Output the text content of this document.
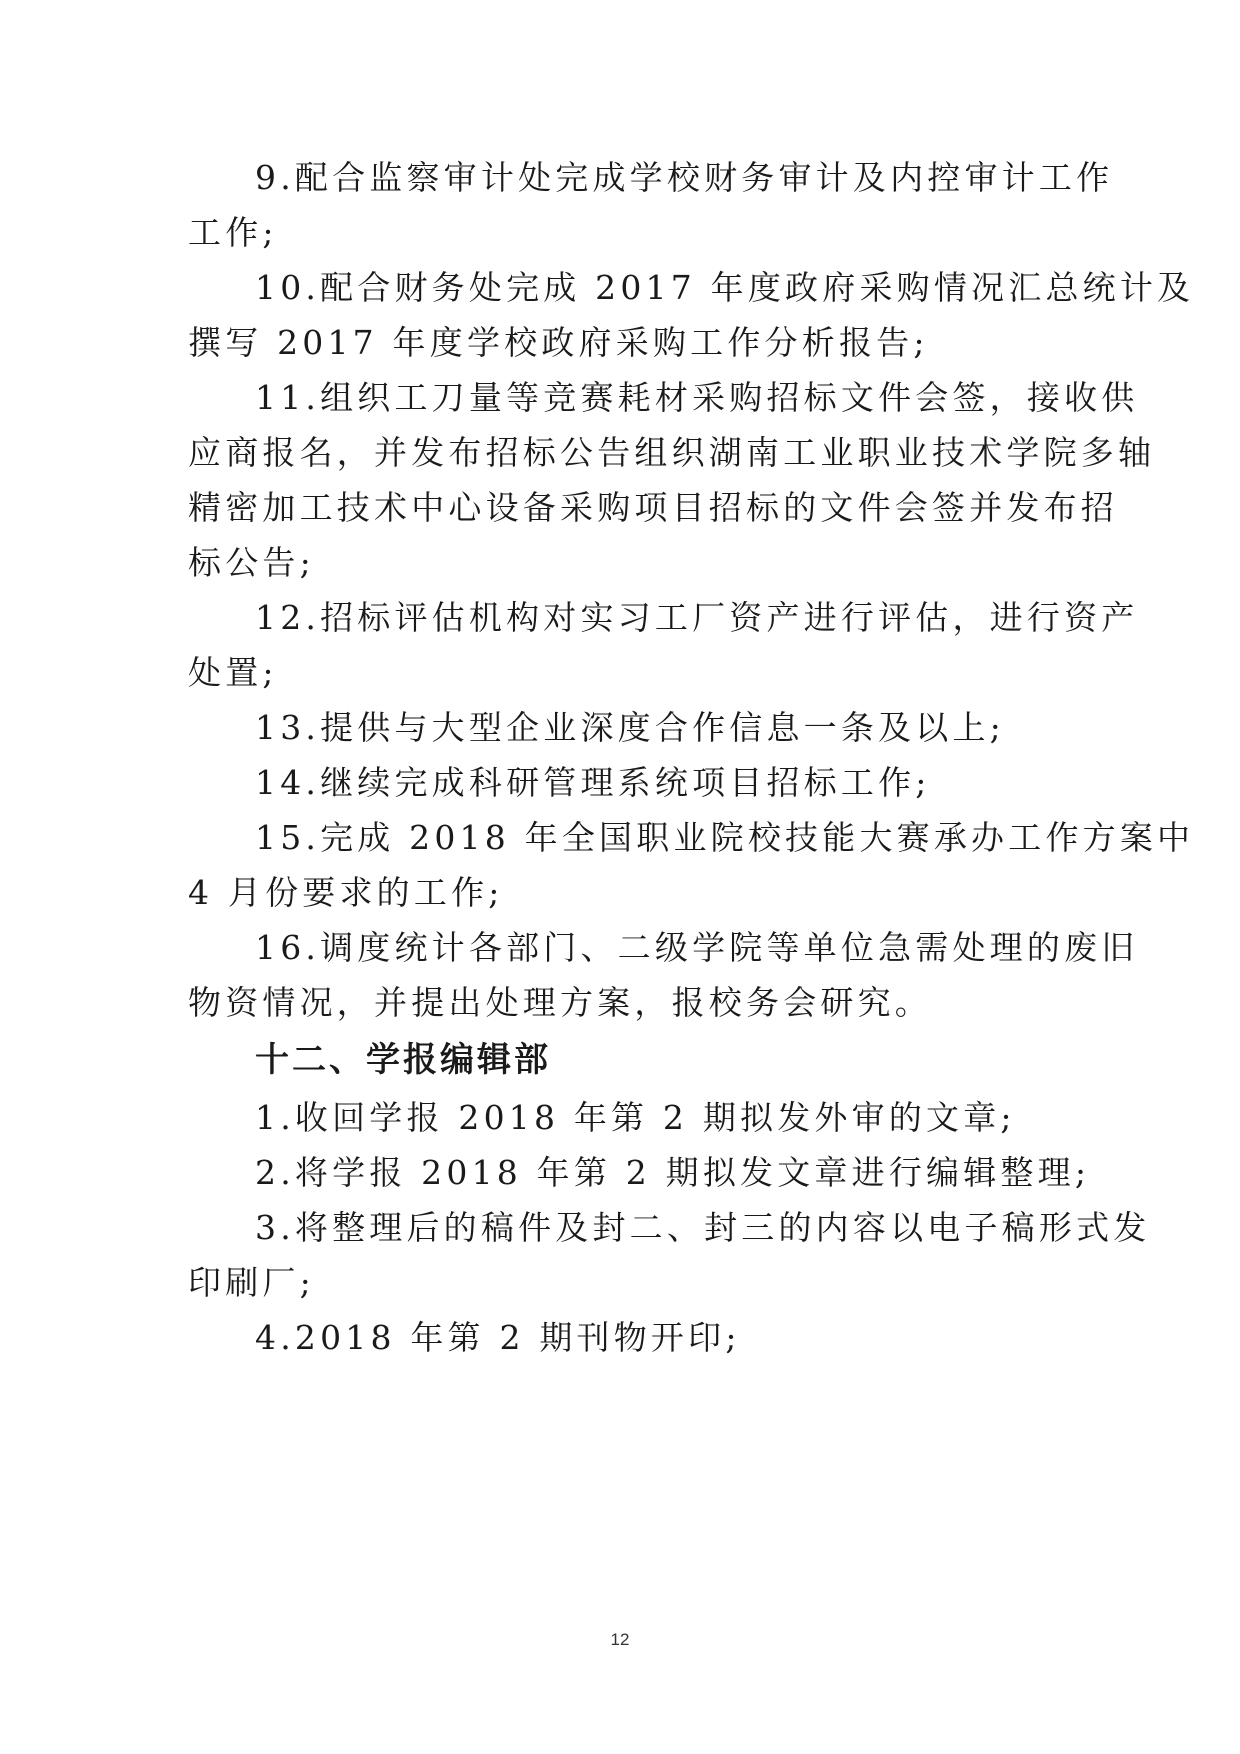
9.配合监察审计处完成学校财务审计及内控审计工作
工作;
10.配合财务处完成 2017 年度政府采购情况汇总统计及
撰写 2017 年度学校政府采购工作分析报告;
11.组织工刀量等竞赛耗材采购招标文件会签，接收供
应商报名，并发布招标公告组织湖南工业职业技术学院多轴
精密加工技术中心设备采购项目招标的文件会签并发布招
标公告;
12.招标评估机构对实习工厂资产进行评估，进行资产
处置;
13.提供与大型企业深度合作信息一条及以上;
14.继续完成科研管理系统项目招标工作;
15.完成 2018 年全国职业院校技能大赛承办工作方案中
4 月份要求的工作;
16.调度统计各部门、二级学院等单位急需处理的废旧
物资情况，并提出处理方案，报校务会研究。
十二、学报编辑部
1.收回学报 2018 年第 2 期拟发外审的文章;
2.将学报 2018 年第 2 期拟发文章进行编辑整理;
3.将整理后的稿件及封二、封三的内容以电子稿形式发
印刷厂;
4.2018 年第 2 期刊物开印;
12
